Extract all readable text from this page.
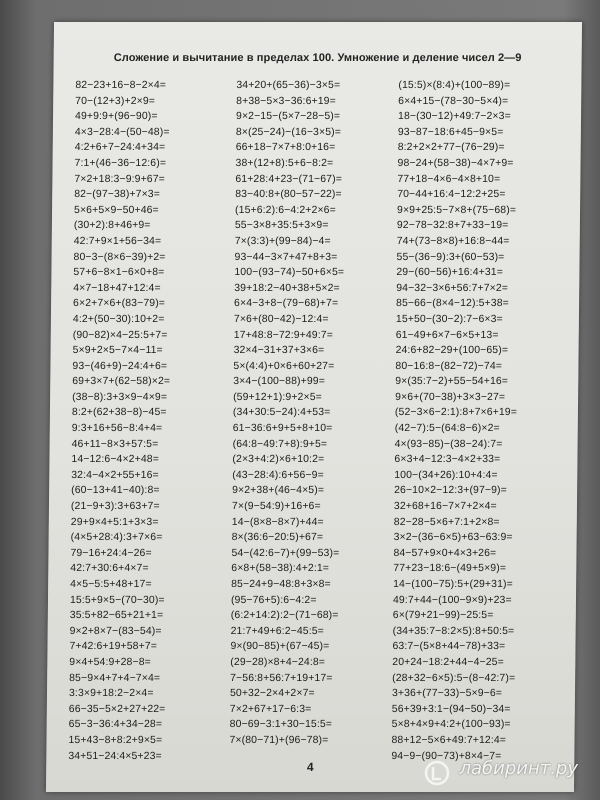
Сложение и вычитание в пределах 100. Умножение и деление чисел 2—9
82−23+16−8−2×4=
70−(12+3)+2×9=
49+9:9+(96−90)=
4×3−28:4−(50−48)=
4:2+6+7−24:4+34=
7:1+(46−36−12:6)=
7×2+18:3−9:9+67=
82−(97−38)+7×3=
5×6+5×9−50+46=
(30+2):8+46+9=
42:7+9×1+56−34=
80−3−(8×6−39)+2=
57+6−8×1−6×0+8=
4×7−18+47+12:4=
6×2+7×6+(83−79)=
4:2+(50−30):10+2=
(90−82)×4−25:5+7=
5×9+2×5−7×4−11=
93−(46+9)−24:4+6=
69+3×7+(62−58)×2=
(38−8):3+3×9−4×9=
8:2+(62+38−8)−45=
9:3+16+56−8:4+4=
46+11−8×3+57:5=
14−12:6−4×2+48=
32:4−4×2+55+16=
(60−13+41−40):8=
(21−9+3):3+63+7=
29+9×4+5:1+3×3=
(4×5+28:4):3+7×6=
79−16+24:4−26=
42:7+30:6+4×7=
4×5−5:5+48+17=
15:5+9×5−(70−30)=
35:5+82−65+21+1=
9×2+8×7−(83−54)=
7+42:6+19+58+7=
9×4+54:9+28−8=
85−9×4+7+4−7×4=
3:3×9+18:2−2×4=
66−35−5×2+27+22=
65−3−36:4+34−28=
15+43−8+8:2+9×5=
34+51−24:4×5+23=
34+20+(65−36)−3×5=
8+38−5×3−36:6+19=
9×2−15−(5×7−28−5)=
8×(25−24)−(16−3×5)=
66+18−7×7+8:0+16=
38+(12+8):5+6−8:2=
61+28:4+23−(71−67)=
83−40:8+(80−57−22)=
(15+6:2):6−4:2+2×6=
55−3×8+35:5+3×9=
7×(3:3)+(99−84)−4=
93−44−3×7+47+8+3=
100−(93−74)−50+6×5=
39+18:2−40+38+5×2=
6×4−3+8−(79−68)+7=
7×6+(80−42)−12:4=
17+48:8−72:9+49:7=
32×4−31+37+3×6=
5×(4:4)+0×6+60+27=
3×4−(100−88)+99=
(59+12+1):9+2×5=
(34+30:5−24):4+53=
61−36:6+9+5+8+10=
(64:8−49:7+8):9+5=
(2×3+4:2)×6+10:2=
(43−28:4):6+56−9=
9×2+38+(46−4×5)=
7×(9−54:9)+16+6=
14−(8×8−8×7)+44=
8×(36:6−20:5)+67=
54−(42:6−7)+(99−53)=
6×8+(58−38):4+2:1=
85−24+9−48:8+3×8=
(95−76+5):6−4:2=
(6:2+14:2):2−(71−68)=
21:7+49+6:2−45:5=
9×(90−85)+(67−45)=
(29−28)×8+4−24:8=
7−56:8+56:7+19+17=
50+32−2×4+2×7=
7×2+67+17−6:3=
80−69−3:1+30−15:5=
7×(80−71)+(96−78)=
(15:5)×(8:4)+(100−89)=
6×4+15−(78−30−5×4)=
18−(30−12)+49:7−2×3=
93−87−18:6+45−9×5=
8:2+2×2+77−(76−29)=
98−24+(58−38)−4×7+9=
77+18−4×6−4×8+10=
70−44+16:4−12:2+25=
9×9+25:5−7×8+(75−68)=
92−78−32:8+7+33−19=
74+(73−8×8)+16:8−44=
55−(36−9):3+(60−53)=
29−(60−56)+16:4+31=
94−32−3×6+56:7+7×2=
85−66−(8×4−12):5+38=
15+50−(30−2):7−6×3=
61−49+6×7−6×5+13=
24:6+82−29+(100−65)=
80−16:8−(82−72)−74=
9×(35:7−2)+55−54+16=
9×6+(70−38)+3×3−27=
(52−3×6−2:1):8+7×6+19=
(42−7):5−(64:8−6)×2=
4×(93−85)−(38−24):7=
6×3+4−12:3−4×2+33=
100−(34+26):10+4:4=
26−10×2−12:3+(97−9)=
32+68+16−7×7+2×4=
82−28−5×6+7:1+2×8=
3×2−(36−6×5)+63−63:9=
84−57+9×0+4×3+26=
77+23−18:6−(49+5×9)=
14−(100−75):5+(29+31)=
49:7+44−(100−9×9)+23=
6×(79+21−99)−25:5=
(34+35:7−8:2×5):8+50:5=
63:7−(5×8+44−78)+33=
20+24−18:2+44−4−25=
(28+32−6×5):5−(8−42:7)=
3+36+(77−33)−5×9−6=
56+39+3:1−(94−50)−34=
5×8+4×9+4:2+(100−93)=
88+12−5×6+49:7+12:4=
94−9−(90−73)+8×4−7=
4	лабиринт.ру
